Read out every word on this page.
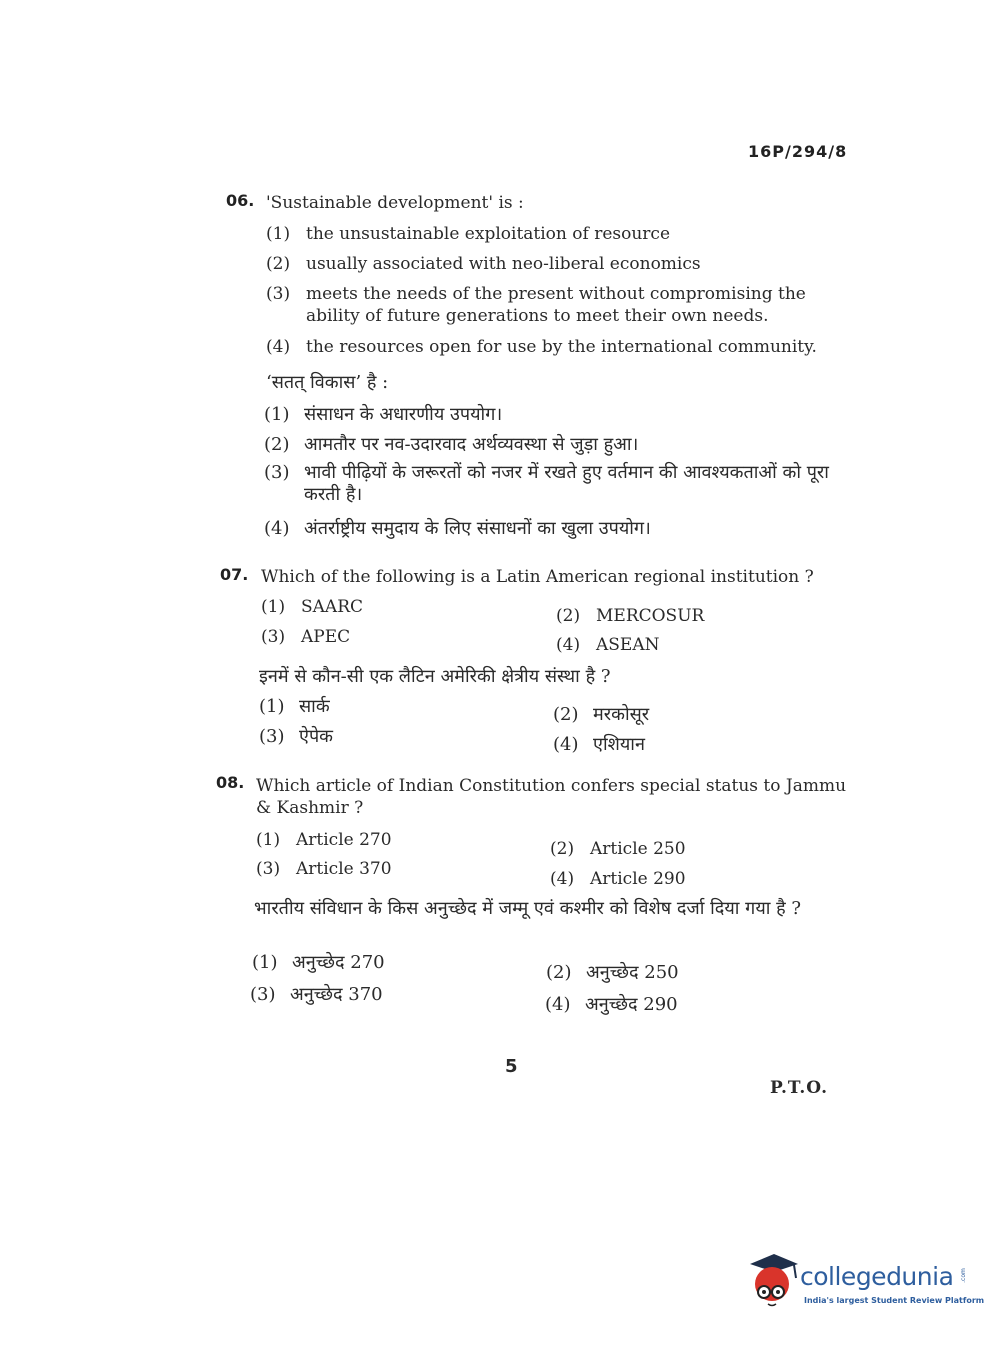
16P/294/8
06. 'Sustainable development' is :
(1) the unsustainable exploitation of resource
(2) usually associated with neo-liberal economics
(3) meets the needs of the present without compromising the ability of future generations to meet their own needs.
(4) the resources open for use by the international community.
‘सतत् विकास’ है :
(1) संसाधन के अधारणीय उपयोग।
(2) आमतौर पर नव-उदारवाद अर्थव्यवस्था से जुड़ा हुआ।
(3) भावी पीढ़ियों के जरूरतों को नजर में रखते हुए वर्तमान की आवश्यकताओं को पूरा करती है।
(4) अंतर्राष्ट्रीय समुदाय के लिए संसाधनों का खुला उपयोग।
07. Which of the following is a Latin American regional institution ?
(1) SAARC	(2) MERCOSUR
(3) APEC	(4) ASEAN
इनमें से कौन-सी एक लैटिन अमेरिकी क्षेत्रीय संस्था है ?
(1) सार्क	(2) मरकोसूर
(3) ऐपेक	(4) एशियान
08. Which article of Indian Constitution confers special status to Jammu & Kashmir ?
(1) Article 270	(2) Article 250
(3) Article 370	(4) Article 290
भारतीय संविधान के किस अनुच्छेद में जम्मू एवं कश्मीर को विशेष दर्जा दिया गया है ?
(1) अनुच्छेद 270	(2) अनुच्छेद 250
(3) अनुच्छेद 370	(4) अनुच्छेद 290
5
P.T.O.
collegedunia .com
India's largest Student Review Platform
